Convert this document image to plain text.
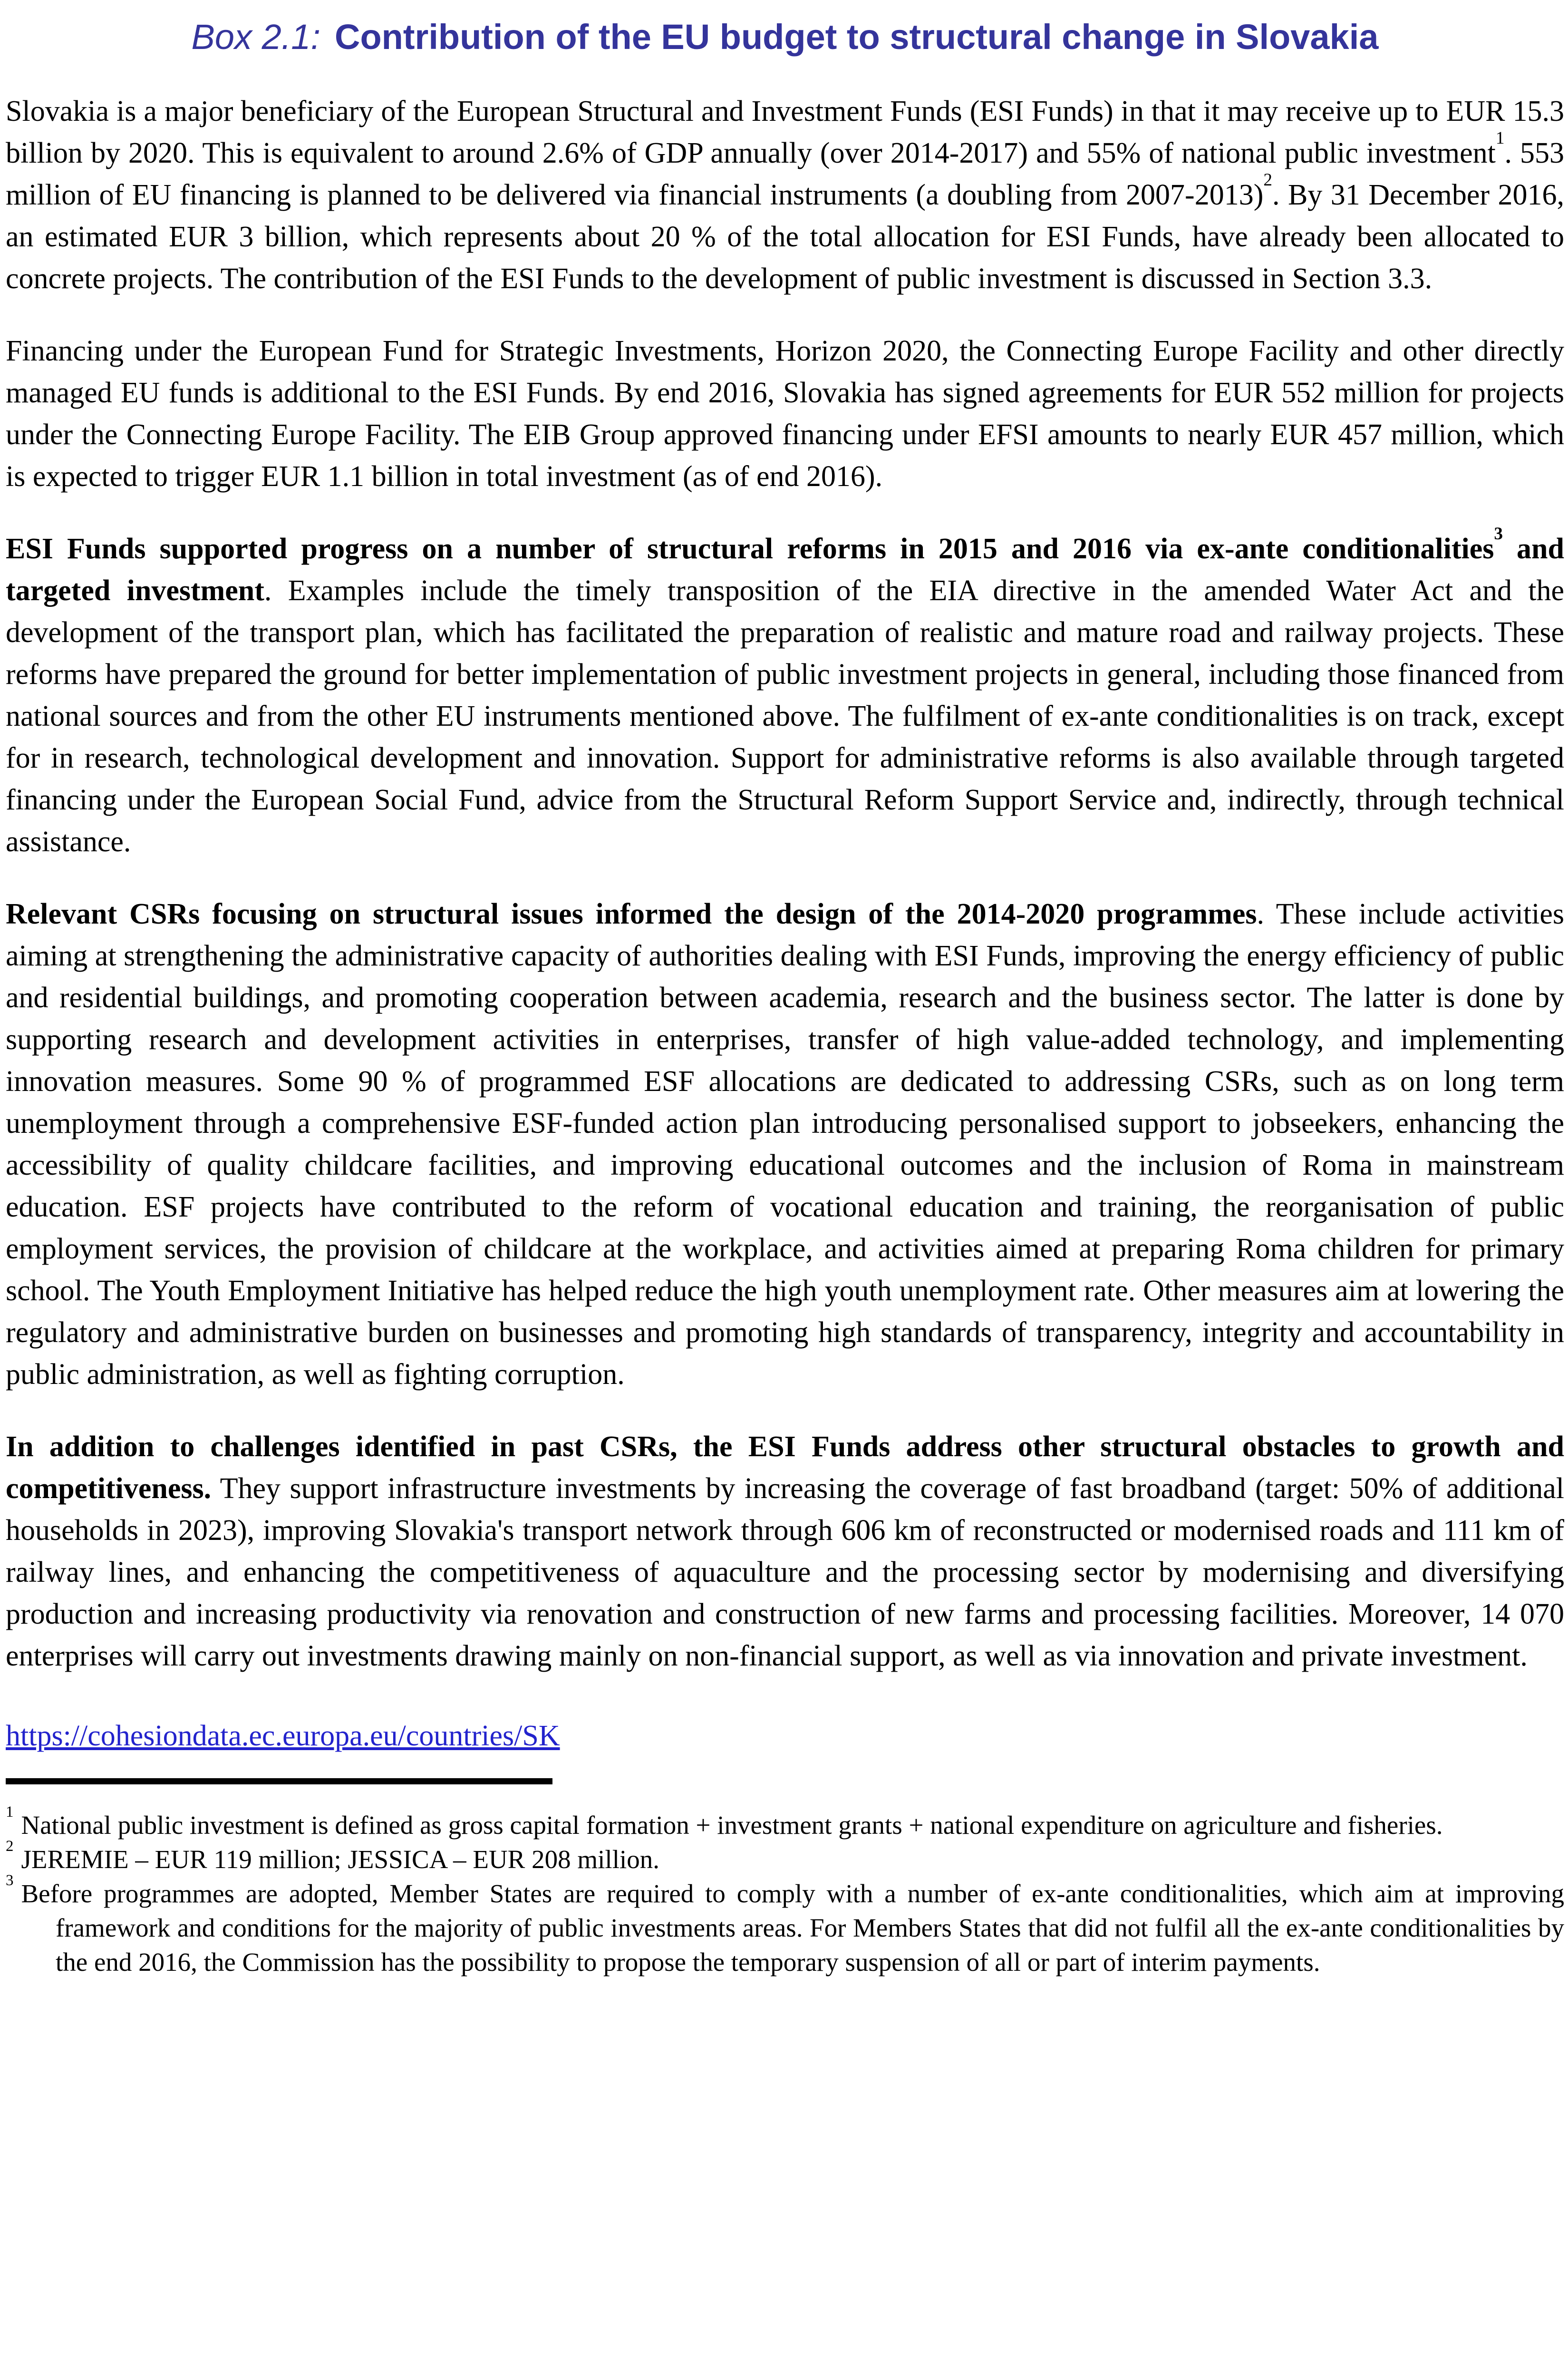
Box 2.1: Contribution of the EU budget to structural change in Slovakia

Slovakia is a major beneficiary of the European Structural and Investment Funds (ESI Funds) in that it may receive up to EUR 15.3 billion by 2020. This is equivalent to around 2.6% of GDP annually (over 2014-2017) and 55% of national public investment$^1$. 553 million of EU financing is planned to be delivered via financial instruments (a doubling from 2007-2013)$^2$. By 31 December 2016, an estimated EUR 3 billion, which represents about 20 % of the total allocation for ESI Funds, have already been allocated to concrete projects. The contribution of the ESI Funds to the development of public investment is discussed in Section 3.3.

Financing under the European Fund for Strategic Investments, Horizon 2020, the Connecting Europe Facility and other directly managed EU funds is additional to the ESI Funds. By end 2016, Slovakia has signed agreements for EUR 552 million for projects under the Connecting Europe Facility. The EIB Group approved financing under EFSI amounts to nearly EUR 457 million, which is expected to trigger EUR 1.1 billion in total investment (as of end 2016).

ESI Funds supported progress on a number of structural reforms in 2015 and 2016 via ex-ante conditionalities$^3$ and targeted investment. Examples include the timely transposition of the EIA directive in the amended Water Act and the development of the transport plan, which has facilitated the preparation of realistic and mature road and railway projects. These reforms have prepared the ground for better implementation of public investment projects in general, including those financed from national sources and from the other EU instruments mentioned above. The fulfilment of ex-ante conditionalities is on track, except for in research, technological development and innovation. Support for administrative reforms is also available through targeted financing under the European Social Fund, advice from the Structural Reform Support Service and, indirectly, through technical assistance.

Relevant CSRs focusing on structural issues informed the design of the 2014-2020 programmes. These include activities aiming at strengthening the administrative capacity of authorities dealing with ESI Funds, improving the energy efficiency of public and residential buildings, and promoting cooperation between academia, research and the business sector. The latter is done by supporting research and development activities in enterprises, transfer of high value-added technology, and implementing innovation measures. Some 90 % of programmed ESF allocations are dedicated to addressing CSRs, such as on long term unemployment through a comprehensive ESF-funded action plan introducing personalised support to jobseekers, enhancing the accessibility of quality childcare facilities, and improving educational outcomes and the inclusion of Roma in mainstream education. ESF projects have contributed to the reform of vocational education and training, the reorganisation of public employment services, the provision of childcare at the workplace, and activities aimed at preparing Roma children for primary school. The Youth Employment Initiative has helped reduce the high youth unemployment rate. Other measures aim at lowering the regulatory and administrative burden on businesses and promoting high standards of transparency, integrity and accountability in public administration, as well as fighting corruption.

In addition to challenges identified in past CSRs, the ESI Funds address other structural obstacles to growth and competitiveness. They support infrastructure investments by increasing the coverage of fast broadband (target: 50% of additional households in 2023), improving Slovakia's transport network through 606 km of reconstructed or modernised roads and 111 km of railway lines, and enhancing the competitiveness of aquaculture and the processing sector by modernising and diversifying production and increasing productivity via renovation and construction of new farms and processing facilities. Moreover, 14 070 enterprises will carry out investments drawing mainly on non-financial support, as well as via innovation and private investment.

https://cohesiondata.ec.europa.eu/countries/SK

$^1$ National public investment is defined as gross capital formation + investment grants + national expenditure on agriculture and fisheries.

$^2$ JEREMIE – EUR 119 million; JESSICA – EUR 208 million.

$^3$ Before programmes are adopted, Member States are required to comply with a number of ex-ante conditionalities, which aim at improving framework and conditions for the majority of public investments areas. For Members States that did not fulfil all the ex-ante conditionalities by the end 2016, the Commission has the possibility to propose the temporary suspension of all or part of interim payments.
